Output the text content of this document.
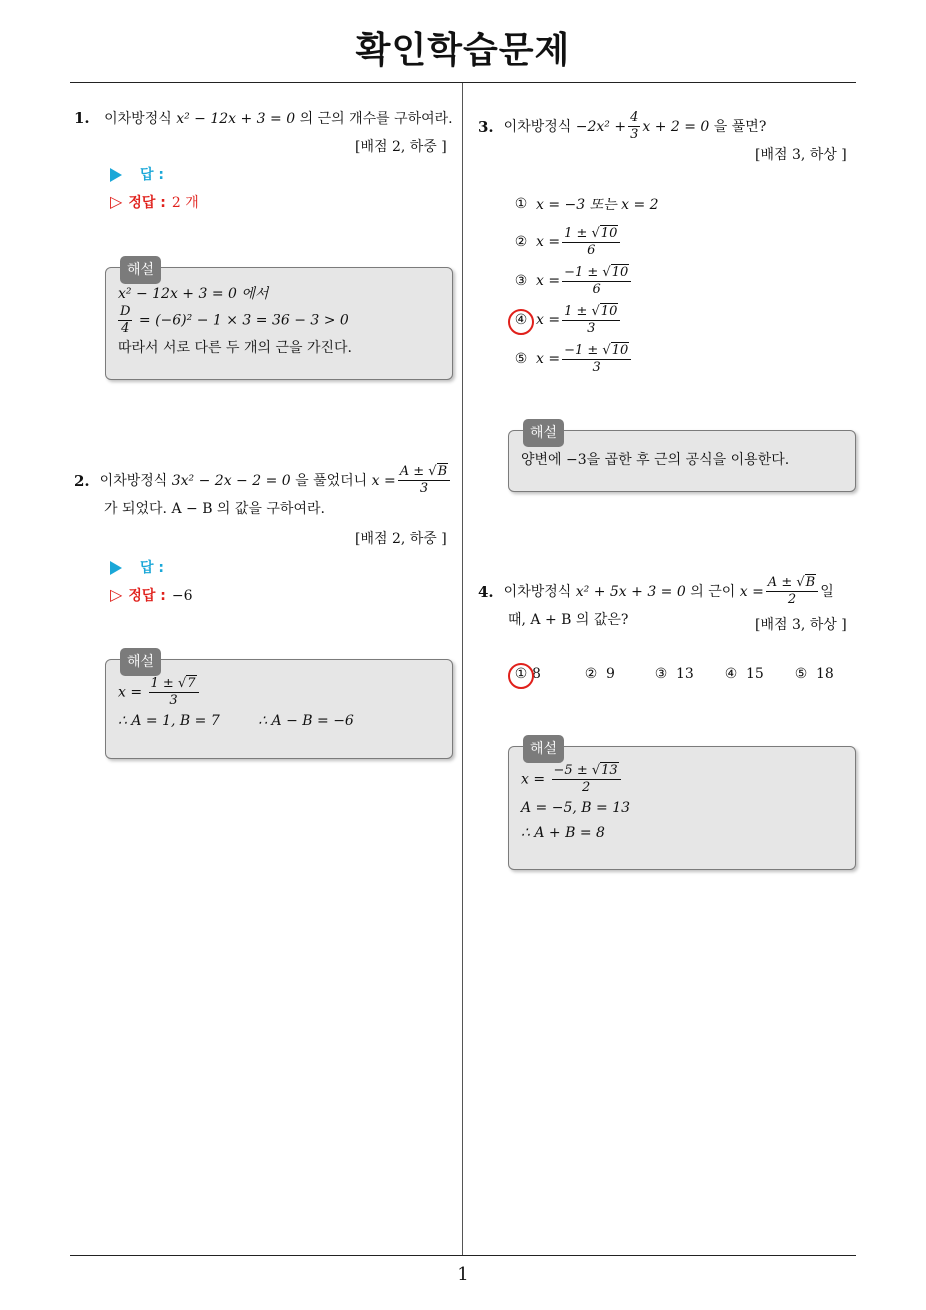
확인학습문제
1
1. 이차방정식 x² − 12x + 3 = 0 의 근의 개수를 구하여라.
[배점 2, 하중 ]
답 :
▷ 정답 : 2 개
해설
x² − 12x + 3 = 0 에서
$\frac{D}{4} = (-6)^2 - 1 \times 3 = 36 - 3 > 0$
따라서 서로 다른 두 개의 근을 가진다.
2. 이차방정식
3x² − 2x − 2 = 0
을 풀었더니
$x = \frac{A \pm √B}{3}$
가 되었다. A − B 의 값을 구하여라.
[배점 2, 하중 ]
답 :
▷ 정답 : −6
해설
$x = \frac{1 \pm √7}{3}$
∴ A = 1, B = 7	∴ A − B = −6
3. 이차방정식
$-2x^2 + \frac{4}{3}$ x + 2 = 0
을 풀면?
[배점 3, 하상 ]
① x = −3 또는 x = 2
② $x = \frac{1 \pm √10}{6}$
③ $x = \frac{-1 \pm √10}{6}$
④ $x = \frac{1 \pm √10}{3}$
⑤ $x = \frac{-1 \pm √10}{3}$
해설
양변에 −3을 곱한 후 근의 공식을 이용한다.
4. 이차방정식
x² + 5x + 3 = 0
의 근이
$x = \frac{A \pm √B}{2}$ 일
때, A + B 의 값은?	[배점 3, 하상 ]
① 8	② 9	③ 13 ④ 15 ⑤ 18
해설
$x = \frac{-5 \pm √13}{2}$
A = −5, B = 13
∴ A + B = 8
